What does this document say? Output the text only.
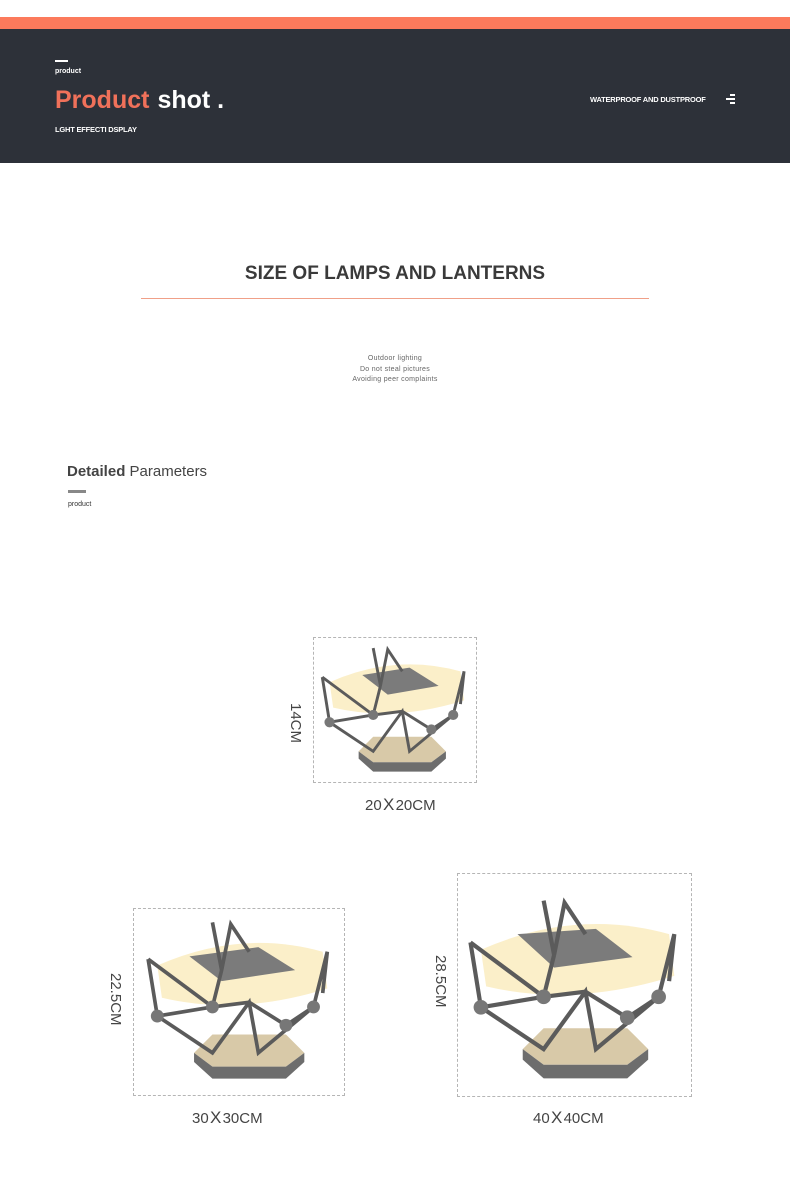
product
Product shot .
LGHT EFFECTI DSPLAY
WATERPROOF AND DUSTPROOF
SIZE OF LAMPS AND LANTERNS
Outdoor lighting
Do not steal pictures
Avoiding peer complaints
Detailed Parameters
product
14CM
20 X 20CM
22.5CM
30 X 30CM
28.5CM
40 X 40CM
